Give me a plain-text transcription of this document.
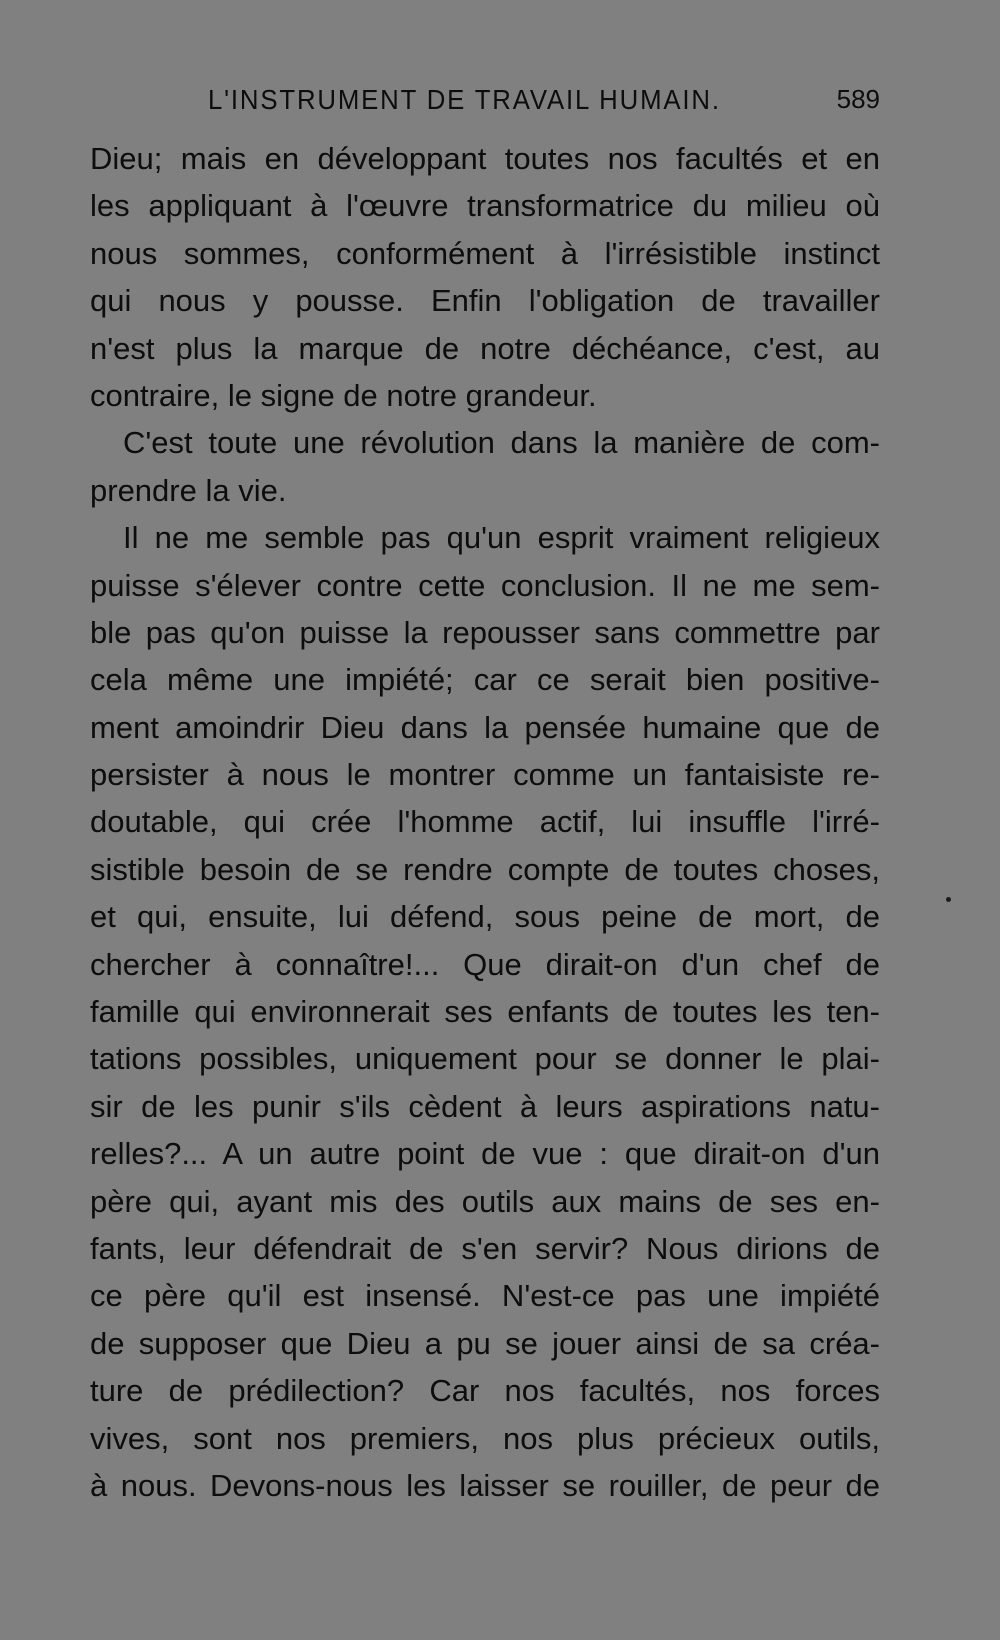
L'INSTRUMENT DE TRAVAIL HUMAIN.	589
Dieu; mais en développant toutes nos facultés et en
les appliquant à l'œuvre transformatrice du milieu où
nous sommes, conformément à l'irrésistible instinct
qui nous y pousse. Enfin l'obligation de travailler
n'est plus la marque de notre déchéance, c'est, au
contraire, le signe de notre grandeur.
C'est toute une révolution dans la manière de com-
prendre la vie.
Il ne me semble pas qu'un esprit vraiment religieux
puisse s'élever contre cette conclusion. Il ne me sem-
ble pas qu'on puisse la repousser sans commettre par
cela même une impiété; car ce serait bien positive-
ment amoindrir Dieu dans la pensée humaine que de
persister à nous le montrer comme un fantaisiste re-
doutable, qui crée l'homme actif, lui insuffle l'irré-
sistible besoin de se rendre compte de toutes choses,
et qui, ensuite, lui défend, sous peine de mort, de
chercher à connaître!... Que dirait-on d'un chef de
famille qui environnerait ses enfants de toutes les ten-
tations possibles, uniquement pour se donner le plai-
sir de les punir s'ils cèdent à leurs aspirations natu-
relles?... A un autre point de vue : que dirait-on d'un
père qui, ayant mis des outils aux mains de ses en-
fants, leur défendrait de s'en servir? Nous dirions de
ce père qu'il est insensé. N'est-ce pas une impiété
de supposer que Dieu a pu se jouer ainsi de sa créa-
ture de prédilection? Car nos facultés, nos forces
vives, sont nos premiers, nos plus précieux outils,
à nous. Devons-nous les laisser se rouiller, de peur de
